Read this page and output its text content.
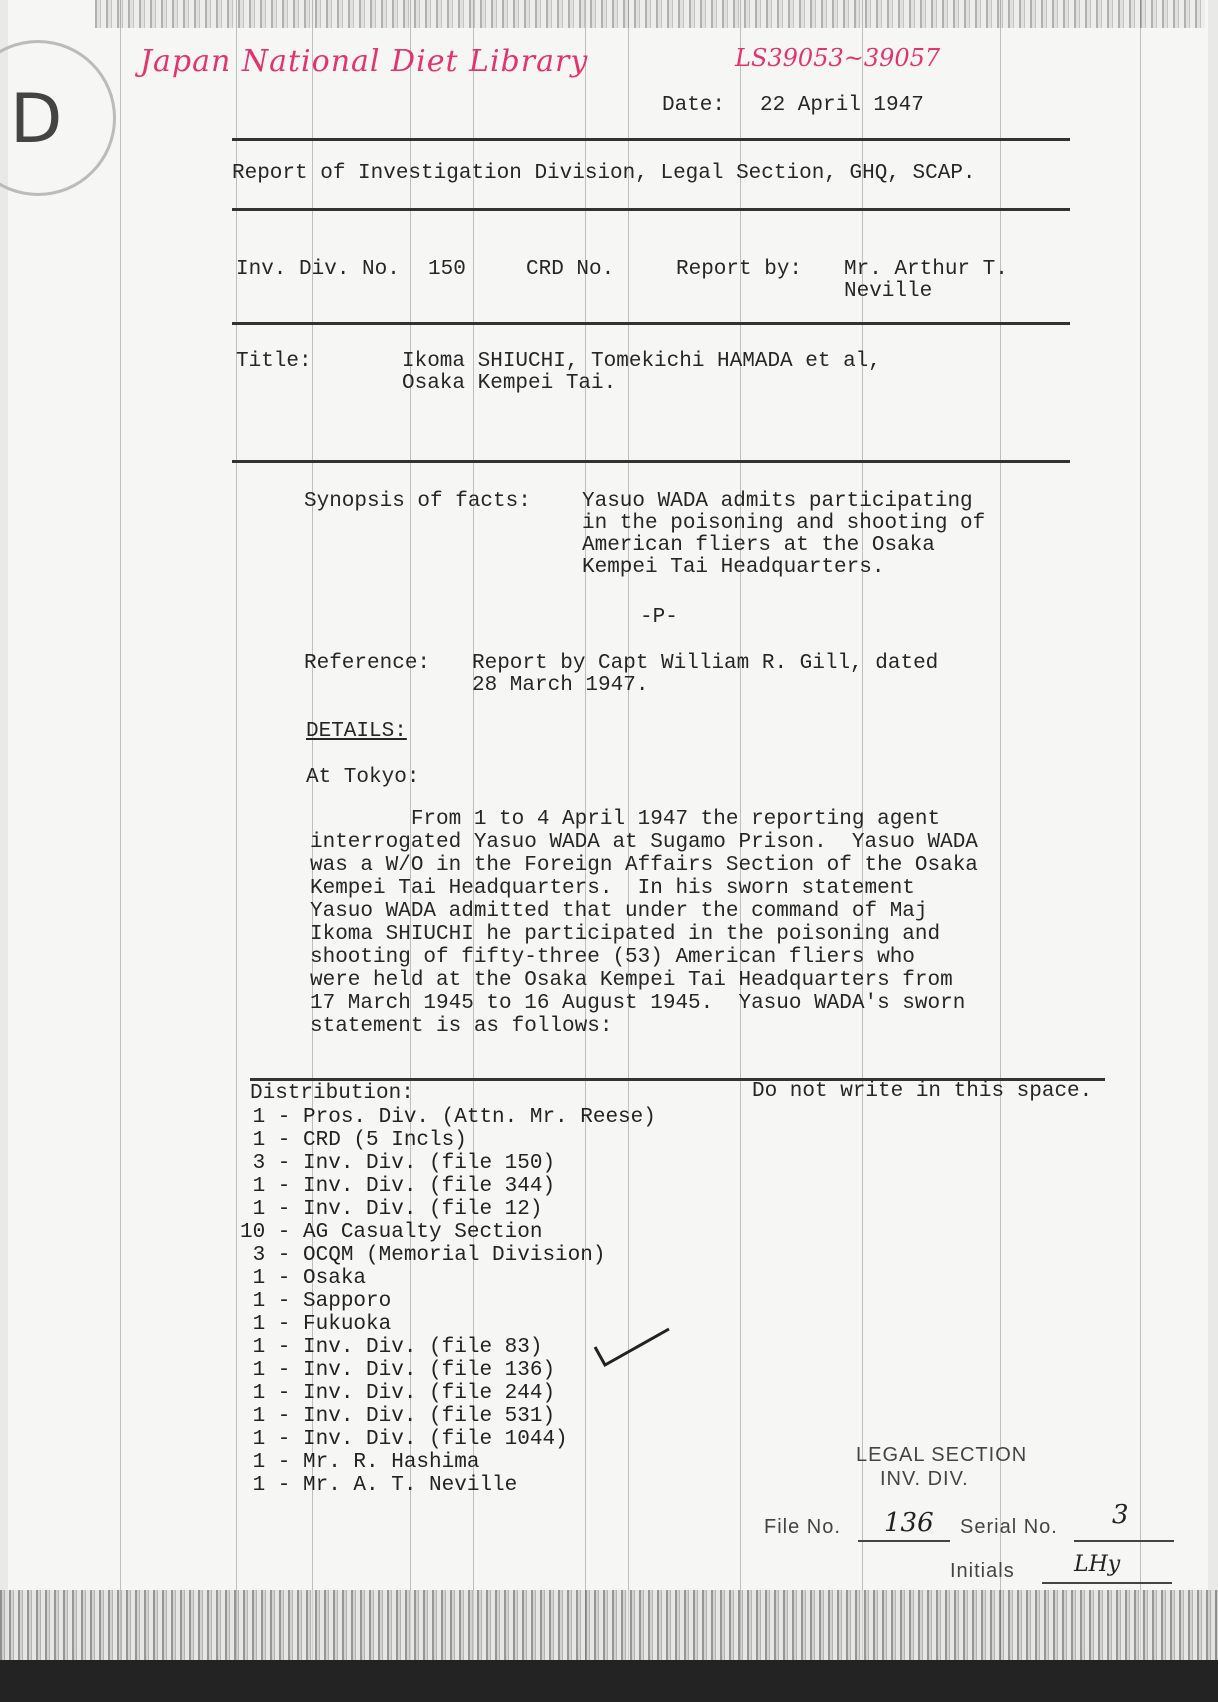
D
Japan National Diet Library	LS39053~39057
Date: 22 April 1947
Report of Investigation Division, Legal Section, GHQ, SCAP.
Inv. Div. No. 150	CRD No.	Report by: Mr. Arthur T.
Neville
Title:	Ikoma SHIUCHI, Tomekichi HAMADA et al,
Osaka Kempei Tai.
Synopsis of facts: Yasuo WADA admits participating
in the poisoning and shooting of
American fliers at the Osaka
Kempei Tai Headquarters.
-P-
Reference: Report by Capt William R. Gill, dated
28 March 1947.
DETAILS:
At Tokyo:
From 1 to 4 April 1947 the reporting agent
interrogated Yasuo WADA at Sugamo Prison.  Yasuo WADA
was a W/O in the Foreign Affairs Section of the Osaka
Kempei Tai Headquarters.  In his sworn statement
Yasuo WADA admitted that under the command of Maj
Ikoma SHIUCHI he participated in the poisoning and
shooting of fifty-three (53) American fliers who
were held at the Osaka Kempei Tai Headquarters from
17 March 1945 to 16 August 1945.  Yasuo WADA's sworn
statement is as follows:
Distribution:	Do not write in this space.
1 - Pros. Div. (Attn. Mr. Reese)
1 - CRD (5 Incls)
3 - Inv. Div. (file 150)
1 - Inv. Div. (file 344)
1 - Inv. Div. (file 12)
10 - AG Casualty Section
3 - OCQM (Memorial Division)
1 - Osaka
1 - Sapporo
1 - Fukuoka
1 - Inv. Div. (file 83)
1 - Inv. Div. (file 136)
1 - Inv. Div. (file 244)
1 - Inv. Div. (file 531)
1 - Inv. Div. (file 1044)
1 - Mr. R. Hashima
1 - Mr. A. T. Neville
LEGAL SECTION
INV. DIV.
File No. 136 Serial No. 3
Initials	LHy
